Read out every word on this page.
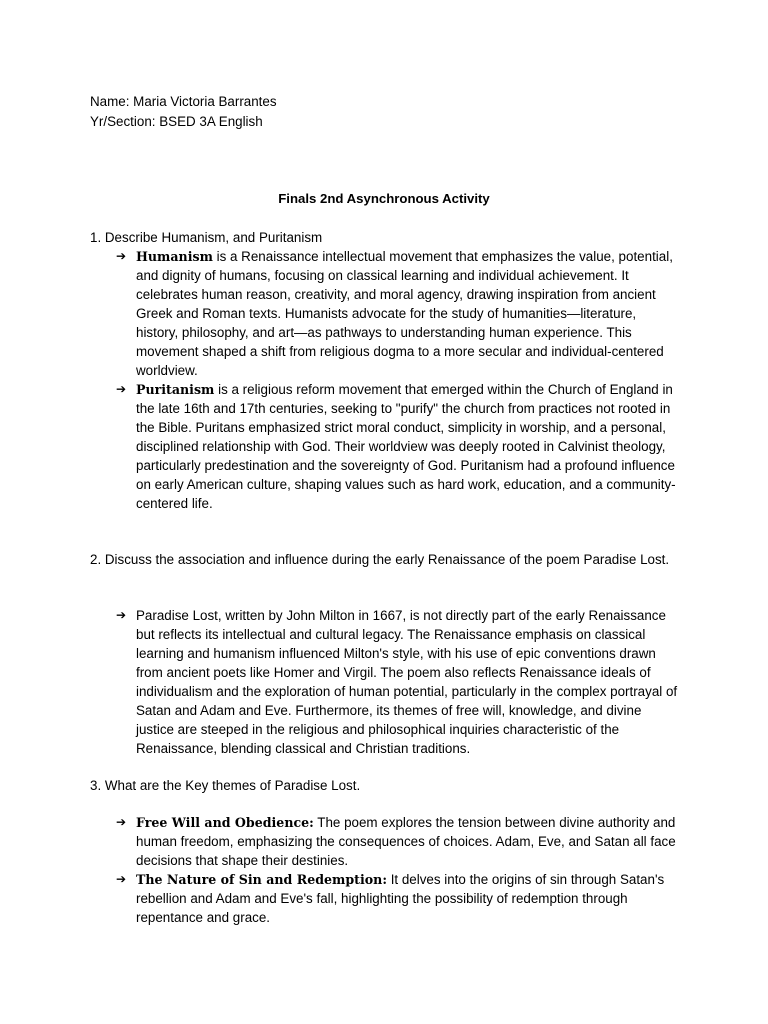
Name: Maria Victoria Barrantes
Yr/Section: BSED 3A English
Finals 2nd Asynchronous Activity
1. Describe Humanism, and Puritanism
➔ Humanism is a Renaissance intellectual movement that emphasizes the value, potential, and dignity of humans, focusing on classical learning and individual achievement. It celebrates human reason, creativity, and moral agency, drawing inspiration from ancient Greek and Roman texts. Humanists advocate for the study of humanities—literature, history, philosophy, and art—as pathways to understanding human experience. This movement shaped a shift from religious dogma to a more secular and individual-centered worldview.
➔ Puritanism is a religious reform movement that emerged within the Church of England in the late 16th and 17th centuries, seeking to "purify" the church from practices not rooted in the Bible. Puritans emphasized strict moral conduct, simplicity in worship, and a personal, disciplined relationship with God. Their worldview was deeply rooted in Calvinist theology, particularly predestination and the sovereignty of God. Puritanism had a profound influence on early American culture, shaping values such as hard work, education, and a community-centered life.
2. Discuss the association and influence during the early Renaissance of the poem Paradise Lost.
➔ Paradise Lost, written by John Milton in 1667, is not directly part of the early Renaissance but reflects its intellectual and cultural legacy. The Renaissance emphasis on classical learning and humanism influenced Milton's style, with his use of epic conventions drawn from ancient poets like Homer and Virgil. The poem also reflects Renaissance ideals of individualism and the exploration of human potential, particularly in the complex portrayal of Satan and Adam and Eve. Furthermore, its themes of free will, knowledge, and divine justice are steeped in the religious and philosophical inquiries characteristic of the Renaissance, blending classical and Christian traditions.
3. What are the Key themes of Paradise Lost.
➔ Free Will and Obedience: The poem explores the tension between divine authority and human freedom, emphasizing the consequences of choices. Adam, Eve, and Satan all face decisions that shape their destinies.
➔ The Nature of Sin and Redemption: It delves into the origins of sin through Satan's rebellion and Adam and Eve's fall, highlighting the possibility of redemption through repentance and grace.
